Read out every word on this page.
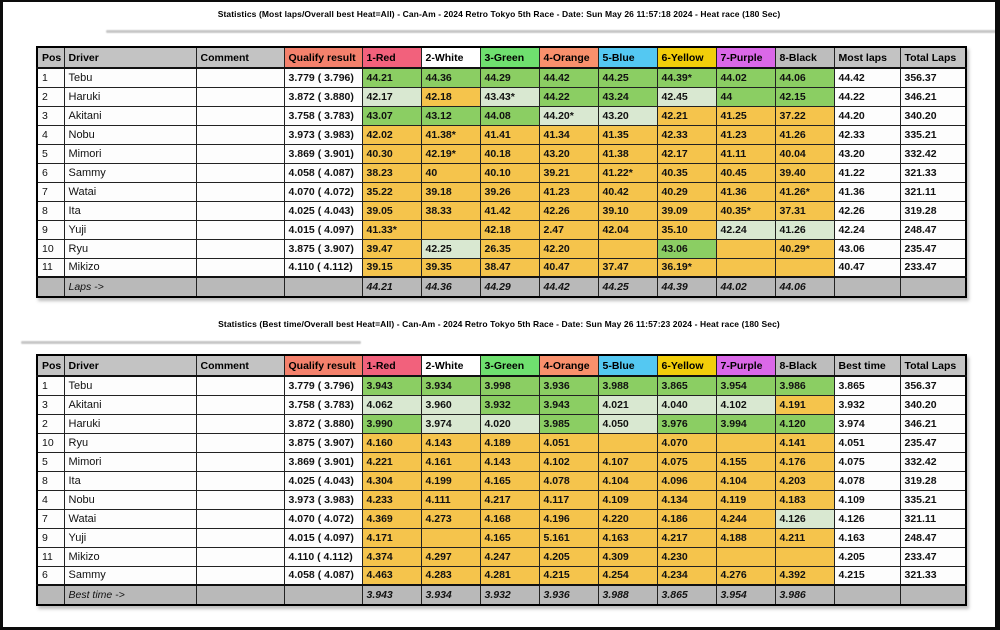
Statistics (Most laps/Overall best Heat=All) - Can-Am - 2024 Retro Tokyo 5th Race - Date: Sun May 26 11:57:18 2024 - Heat race (180 Sec)
Pos	Driver	Comment	Qualify result	1-Red	2-White	3-Green	4-Orange	5-Blue	6-Yellow	7-Purple	8-Black	Most laps	Total Laps
1	Tebu		3.779 ( 3.796)	44.21	44.36	44.29	44.42	44.25	44.39*	44.02	44.06	44.42	356.37
2	Haruki		3.872 ( 3.880)	42.17	42.18	43.43*	44.22	43.24	42.45	44	42.15	44.22	346.21
3	Akitani		3.758 ( 3.783)	43.07	43.12	44.08	44.20*	43.20	42.21	41.25	37.22	44.20	340.20
4	Nobu		3.973 ( 3.983)	42.02	41.38*	41.41	41.34	41.35	42.33	41.23	41.26	42.33	335.21
5	Mimori		3.869 ( 3.901)	40.30	42.19*	40.18	43.20	41.38	42.17	41.11	40.04	43.20	332.42
6	Sammy		4.058 ( 4.087)	38.23	40	40.10	39.21	41.22*	40.35	40.45	39.40	41.22	321.33
7	Watai		4.070 ( 4.072)	35.22	39.18	39.26	41.23	40.42	40.29	41.36	41.26*	41.36	321.11
8	Ita		4.025 ( 4.043)	39.05	38.33	41.42	42.26	39.10	39.09	40.35*	37.31	42.26	319.28
9	Yuji		4.015 ( 4.097)	41.33*		42.18	2.47	42.04	35.10	42.24	41.26	42.24	248.47
10	Ryu		3.875 ( 3.907)	39.47	42.25	26.35	42.20		43.06		40.29*	43.06	235.47
11	Mikizo		4.110 ( 4.112)	39.15	39.35	38.47	40.47	37.47	36.19*			40.47	233.47
	Laps ->			44.21	44.36	44.29	44.42	44.25	44.39	44.02	44.06		
Statistics (Best time/Overall best Heat=All) - Can-Am - 2024 Retro Tokyo 5th Race - Date: Sun May 26 11:57:23 2024 - Heat race (180 Sec)
Pos	Driver	Comment	Qualify result	1-Red	2-White	3-Green	4-Orange	5-Blue	6-Yellow	7-Purple	8-Black	Best time	Total Laps
1	Tebu		3.779 ( 3.796)	3.943	3.934	3.998	3.936	3.988	3.865	3.954	3.986	3.865	356.37
3	Akitani		3.758 ( 3.783)	4.062	3.960	3.932	3.943	4.021	4.040	4.102	4.191	3.932	340.20
2	Haruki		3.872 ( 3.880)	3.990	3.974	4.020	3.985	4.050	3.976	3.994	4.120	3.974	346.21
10	Ryu		3.875 ( 3.907)	4.160	4.143	4.189	4.051		4.070		4.141	4.051	235.47
5	Mimori		3.869 ( 3.901)	4.221	4.161	4.143	4.102	4.107	4.075	4.155	4.176	4.075	332.42
8	Ita		4.025 ( 4.043)	4.304	4.199	4.165	4.078	4.104	4.096	4.104	4.203	4.078	319.28
4	Nobu		3.973 ( 3.983)	4.233	4.111	4.217	4.117	4.109	4.134	4.119	4.183	4.109	335.21
7	Watai		4.070 ( 4.072)	4.369	4.273	4.168	4.196	4.220	4.186	4.244	4.126	4.126	321.11
9	Yuji		4.015 ( 4.097)	4.171		4.165	5.161	4.163	4.217	4.188	4.211	4.163	248.47
11	Mikizo		4.110 ( 4.112)	4.374	4.297	4.247	4.205	4.309	4.230			4.205	233.47
6	Sammy		4.058 ( 4.087)	4.463	4.283	4.281	4.215	4.254	4.234	4.276	4.392	4.215	321.33
	Best time ->			3.943	3.934	3.932	3.936	3.988	3.865	3.954	3.986		
